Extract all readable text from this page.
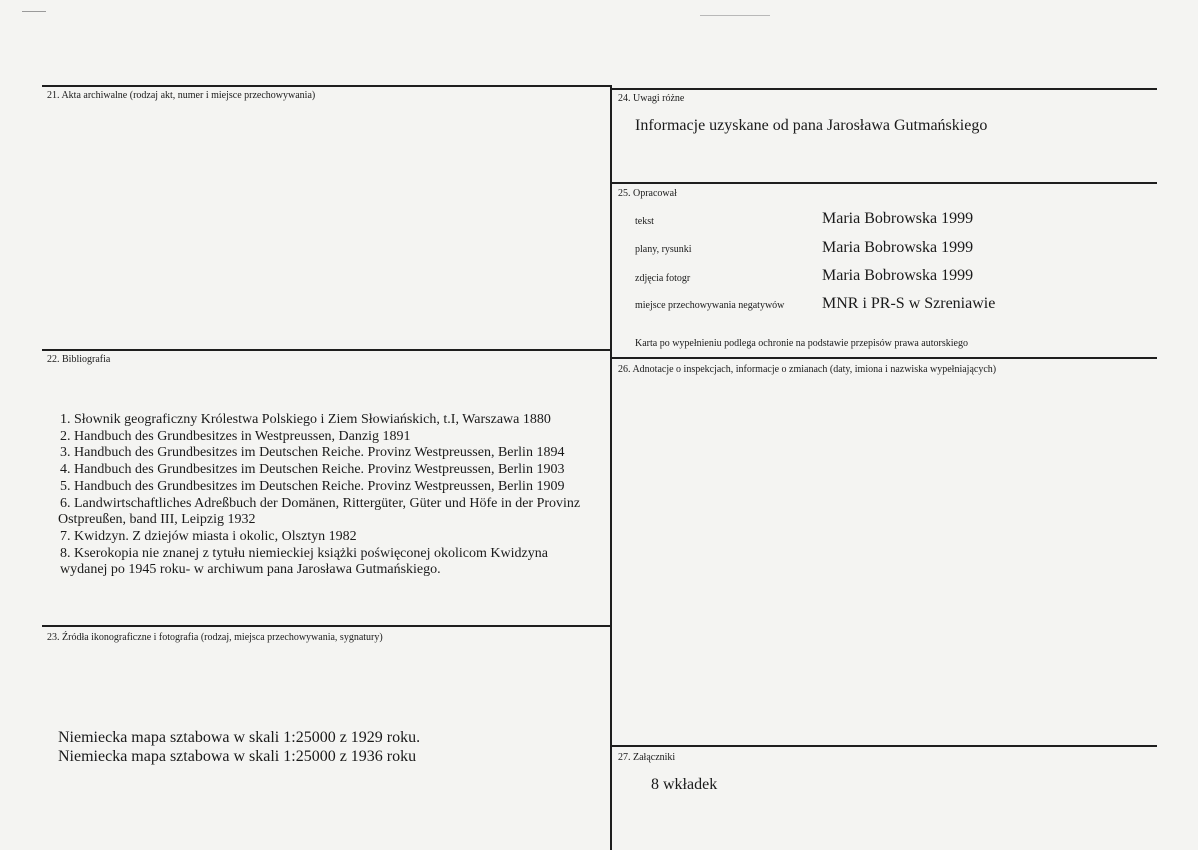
21. Akta archiwalne (rodzaj akt, numer i miejsce przechowywania)
22. Bibliografia
1. Słownik geograficzny Królestwa Polskiego i Ziem Słowiańskich, t.I, Warszawa 1880
2. Handbuch des Grundbesitzes in Westpreussen, Danzig 1891
3. Handbuch des Grundbesitzes im Deutschen Reiche. Provinz Westpreussen, Berlin 1894
4. Handbuch des Grundbesitzes im Deutschen Reiche. Provinz Westpreussen, Berlin 1903
5. Handbuch des Grundbesitzes im Deutschen Reiche. Provinz Westpreussen, Berlin 1909
6. Landwirtschaftliches Adreßbuch der Domänen, Rittergüter, Güter und Höfe in der Provinz
Ostpreußen, band III, Leipzig 1932
7. Kwidzyn. Z dziejów miasta i okolic, Olsztyn 1982
8. Kserokopia nie znanej z tytułu niemieckiej książki poświęconej okolicom Kwidzyna
wydanej po 1945 roku- w archiwum pana Jarosława Gutmańskiego.
23. Źródła ikonograficzne i fotografia (rodzaj, miejsca przechowywania, sygnatury)
Niemiecka mapa sztabowa w skali 1:25000 z 1929 roku.
Niemiecka mapa sztabowa w skali 1:25000 z 1936 roku
24. Uwagi różne
Informacje uzyskane od pana Jarosława Gutmańskiego
25. Opracował
tekst	Maria Bobrowska 1999
plany, rysunki	Maria Bobrowska 1999
zdjęcia fotogr	Maria Bobrowska 1999
miejsce przechowywania negatywów MNR i PR-S w Szreniawie
Karta po wypełnieniu podlega ochronie na podstawie przepisów prawa autorskiego
26. Adnotacje o inspekcjach, informacje o zmianach (daty, imiona i nazwiska wypełniających)
27. Załączniki
8 wkładek
